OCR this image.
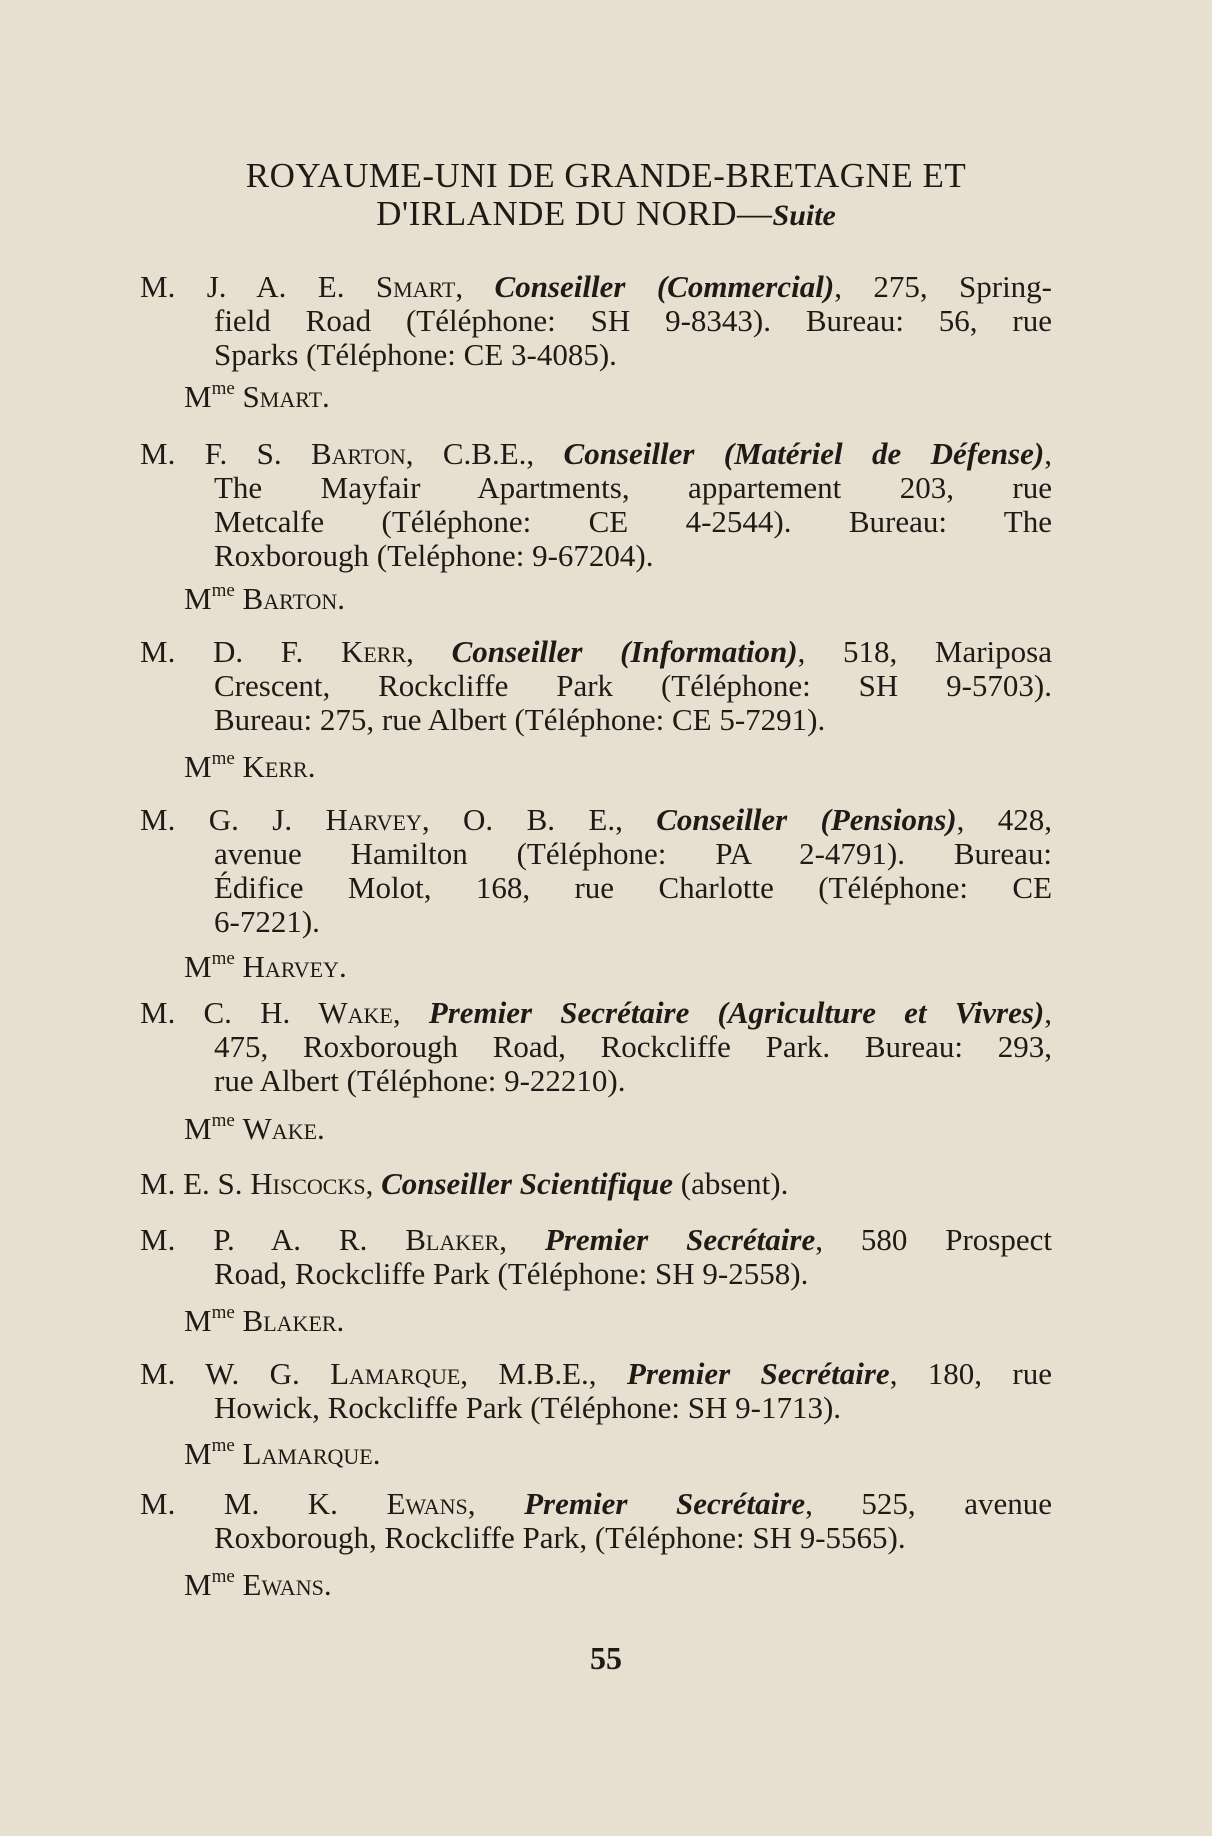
ROYAUME-UNI DE GRANDE-BRETAGNE ET
D'IRLANDE DU NORD—Suite
M. J. A. E. Smart, Conseiller (Commercial), 275, Spring-
field Road (Téléphone: SH 9-8343). Bureau: 56, rue
Sparks (Téléphone: CE 3-4085).
$M^{me}$ Smart.
M. F. S. Barton, C.B.E., Conseiller (Matériel de Défense),
The Mayfair Apartments, appartement 203, rue
Metcalfe (Téléphone: CE 4-2544). Bureau: The
Roxborough (Teléphone: 9-67204).
$M^{me}$ Barton.
M. D. F. Kerr, Conseiller (Information), 518, Mariposa
Crescent, Rockcliffe Park (Téléphone: SH 9-5703).
Bureau: 275, rue Albert (Téléphone: CE 5-7291).
$M^{me}$ Kerr.
M. G. J. Harvey, O. B. E., Conseiller (Pensions), 428,
avenue Hamilton (Téléphone: PA 2-4791). Bureau:
Édifice Molot, 168, rue Charlotte (Téléphone: CE
6-7221).
$M^{me}$ Harvey.
M. C. H. Wake, Premier Secrétaire (Agriculture et Vivres),
475, Roxborough Road, Rockcliffe Park. Bureau: 293,
rue Albert (Téléphone: 9-22210).
$M^{me}$ Wake.
M. E. S. Hiscocks, Conseiller Scientifique (absent).
M. P. A. R. Blaker, Premier Secrétaire, 580 Prospect
Road, Rockcliffe Park (Téléphone: SH 9-2558).
$M^{me}$ Blaker.
M. W. G. Lamarque, M.B.E., Premier Secrétaire, 180, rue
Howick, Rockcliffe Park (Téléphone: SH 9-1713).
$M^{me}$ Lamarque.
M. M. K. Ewans, Premier Secrétaire, 525, avenue
Roxborough, Rockcliffe Park, (Téléphone: SH 9-5565).
$M^{me}$ Ewans.
55
